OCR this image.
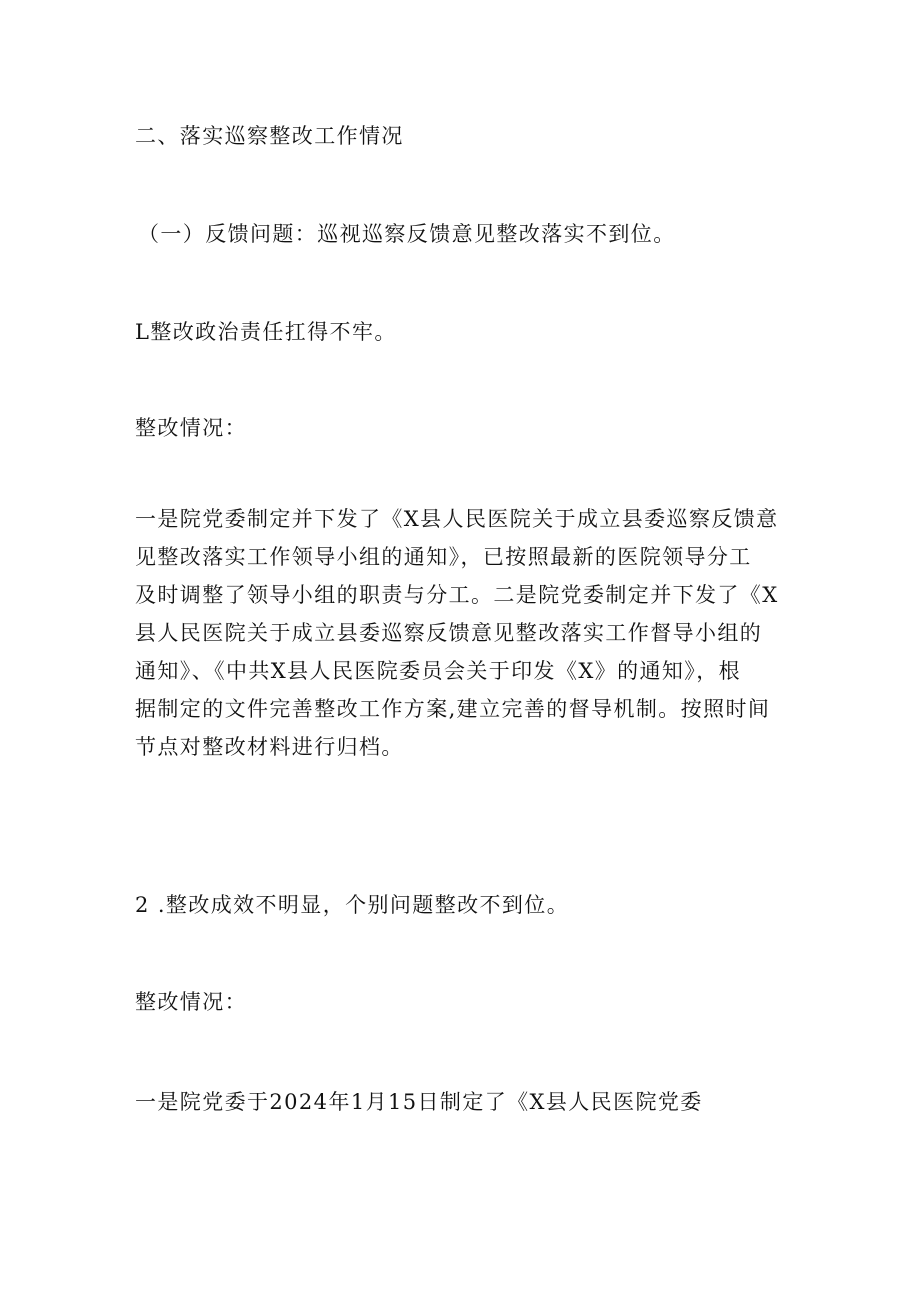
二、落实巡察整改工作情况
（一）反馈问题：巡视巡察反馈意见整改落实不到位。
L整改政治责任扛得不牢。
整改情况：
一是院党委制定并下发了《X县人民医院关于成立县委巡察反馈意
见整改落实工作领导小组的通知》，已按照最新的医院领导分工
及时调整了领导小组的职责与分工。二是院党委制定并下发了《X
县人民医院关于成立县委巡察反馈意见整改落实工作督导小组的
通知》、《中共X县人民医院委员会关于印发《X》的通知》，根
据制定的文件完善整改工作方案,建立完善的督导机制。按照时间
节点对整改材料进行归档。
2 .整改成效不明显，个别问题整改不到位。
整改情况：
一是院党委于2024年1月15日制定了《X县人民医院党委
